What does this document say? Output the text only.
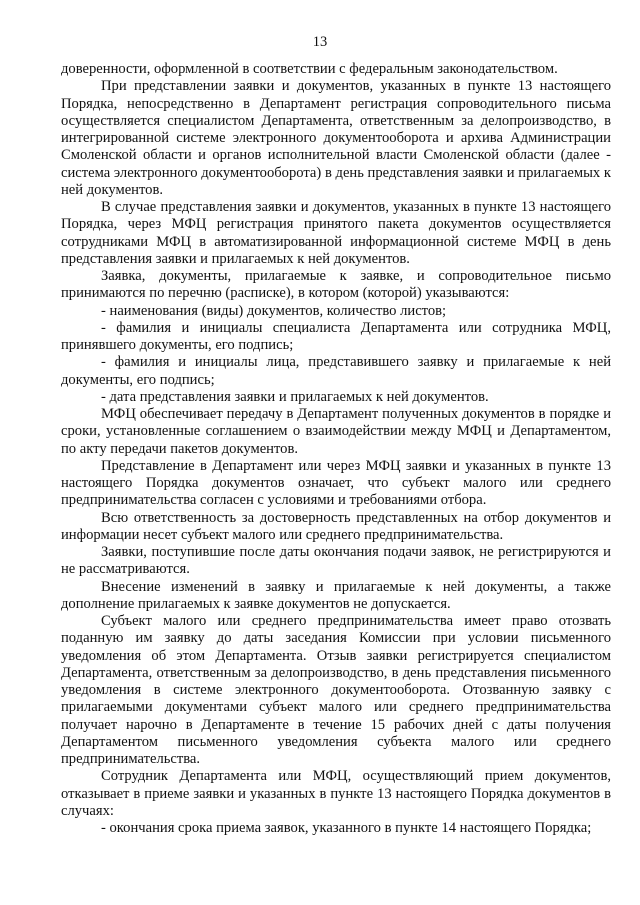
13

доверенности, оформленной в соответствии с федеральным законодательством.

При представлении заявки и документов, указанных в пункте 13 настоящего Порядка, непосредственно в Департамент регистрация сопроводительного письма осуществляется специалистом Департамента, ответственным за делопроизводство, в интегрированной системе электронного документооборота и архива Администрации Смоленской области и органов исполнительной власти Смоленской области (далее - система электронного документооборота) в день представления заявки и прилагаемых к ней документов.

В случае представления заявки и документов, указанных в пункте 13 настоящего Порядка, через МФЦ регистрация принятого пакета документов осуществляется сотрудниками МФЦ в автоматизированной информационной системе МФЦ в день представления заявки и прилагаемых к ней документов.

Заявка, документы, прилагаемые к заявке, и сопроводительное письмо принимаются по перечню (расписке), в котором (которой) указываются:

- наименования (виды) документов, количество листов;

- фамилия и инициалы специалиста Департамента или сотрудника МФЦ, принявшего документы, его подпись;

- фамилия и инициалы лица, представившего заявку и прилагаемые к ней документы, его подпись;

- дата представления заявки и прилагаемых к ней документов.

МФЦ обеспечивает передачу в Департамент полученных документов в порядке и сроки, установленные соглашением о взаимодействии между МФЦ и Департаментом, по акту передачи пакетов документов.

Представление в Департамент или через МФЦ заявки и указанных в пункте 13 настоящего Порядка документов означает, что субъект малого или среднего предпринимательства согласен с условиями и требованиями отбора.

Всю ответственность за достоверность представленных на отбор документов и информации несет субъект малого или среднего предпринимательства.

Заявки, поступившие после даты окончания подачи заявок, не регистрируются и не рассматриваются.

Внесение изменений в заявку и прилагаемые к ней документы, а также дополнение прилагаемых к заявке документов не допускается.

Субъект малого или среднего предпринимательства имеет право отозвать поданную им заявку до даты заседания Комиссии при условии письменного уведомления об этом Департамента. Отзыв заявки регистрируется специалистом Департамента, ответственным за делопроизводство, в день представления письменного уведомления в системе электронного документооборота. Отозванную заявку с прилагаемыми документами субъект малого или среднего предпринимательства получает нарочно в Департаменте в течение 15 рабочих дней с даты получения Департаментом письменного уведомления субъекта малого или среднего предпринимательства.

Сотрудник Департамента или МФЦ, осуществляющий прием документов, отказывает в приеме заявки и указанных в пункте 13 настоящего Порядка документов в случаях:

- окончания срока приема заявок, указанного в пункте 14 настоящего Порядка;
